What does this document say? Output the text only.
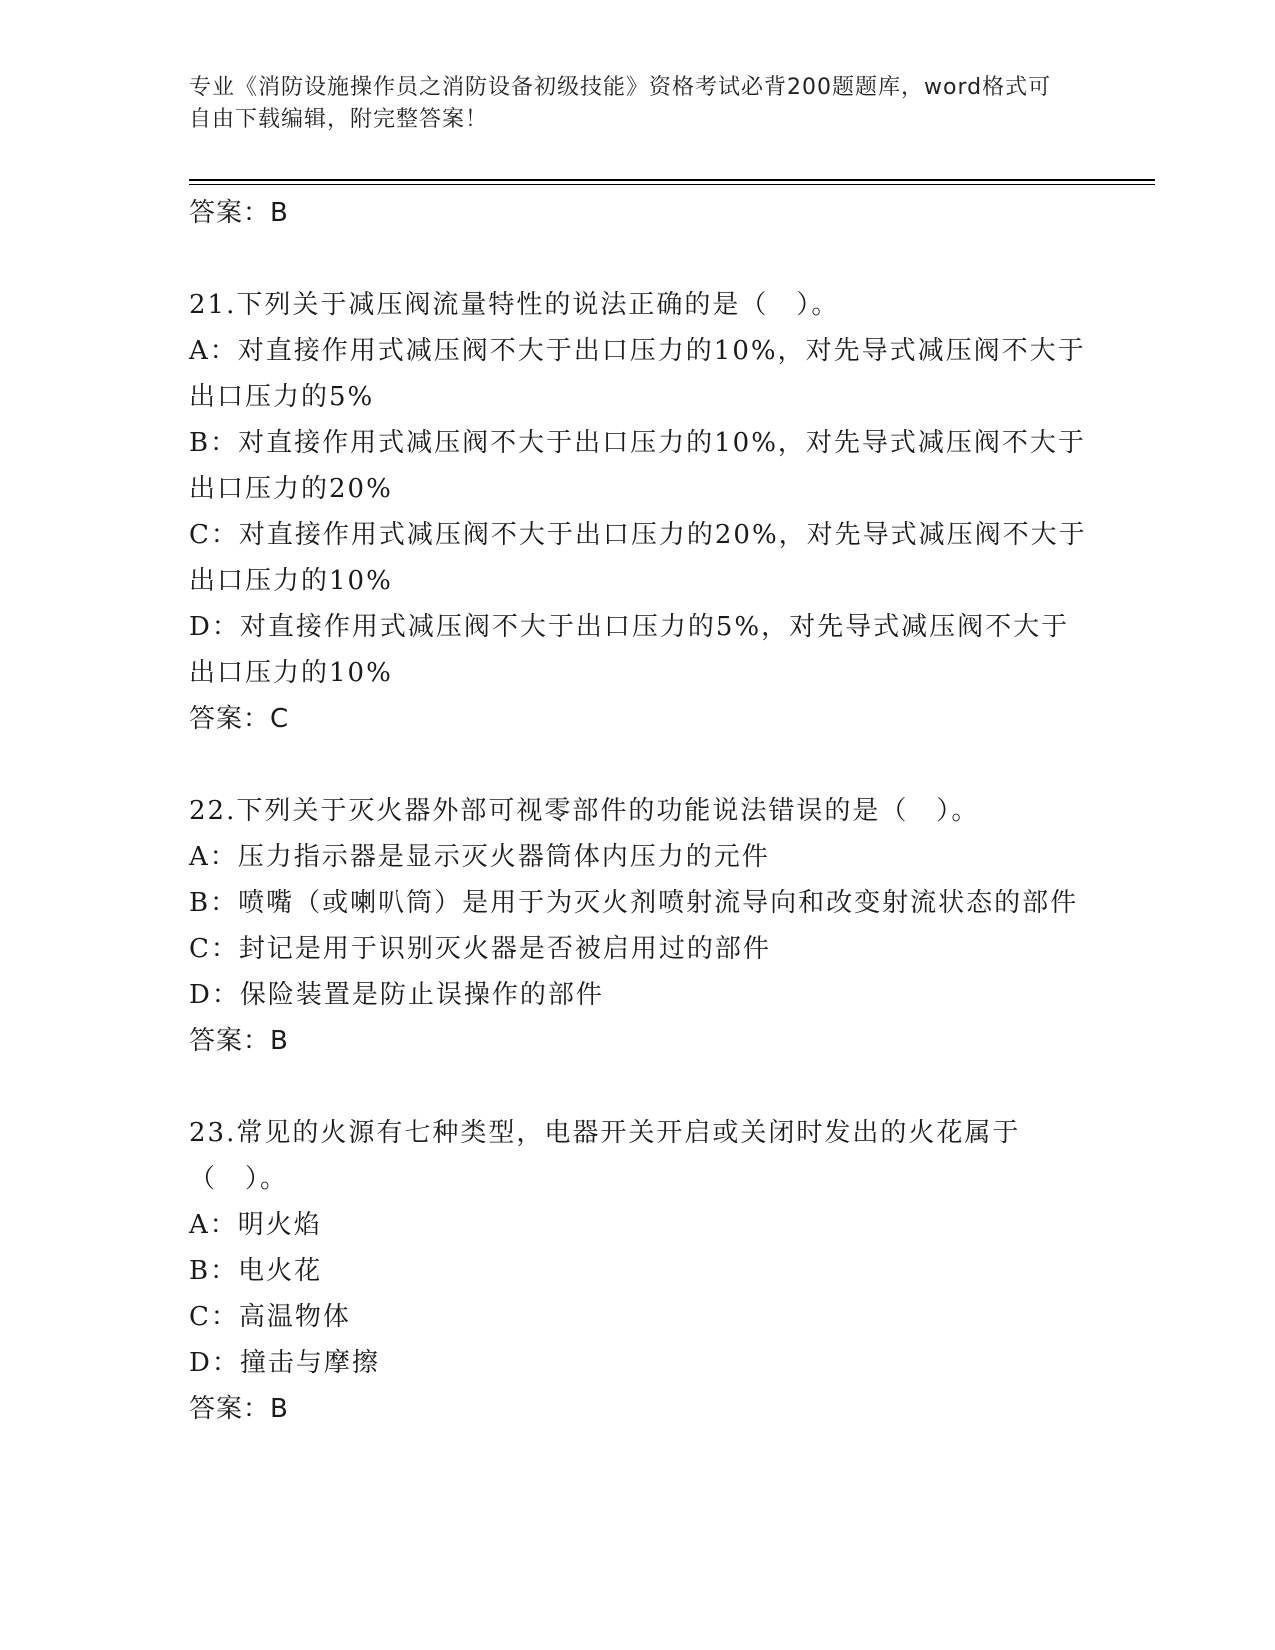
专业《消防设施操作员之消防设备初级技能》资格考试必背200题题库，word格式可自由下载编辑，附完整答案！
答案：B
21.下列关于减压阀流量特性的说法正确的是（　）。
A：对直接作用式减压阀不大于出口压力的10%，对先导式减压阀不大于出口压力的5%
B：对直接作用式减压阀不大于出口压力的10%，对先导式减压阀不大于出口压力的20%
C：对直接作用式减压阀不大于出口压力的20%，对先导式减压阀不大于出口压力的10%
D：对直接作用式减压阀不大于出口压力的5%，对先导式减压阀不大于出口压力的10%
答案：C
22.下列关于灭火器外部可视零部件的功能说法错误的是（　）。
A：压力指示器是显示灭火器筒体内压力的元件
B：喷嘴（或喇叭筒）是用于为灭火剂喷射流导向和改变射流状态的部件
C：封记是用于识别灭火器是否被启用过的部件
D：保险装置是防止误操作的部件
答案：B
23.常见的火源有七种类型，电器开关开启或关闭时发出的火花属于（　）。
A：明火焰
B：电火花
C：高温物体
D：撞击与摩擦
答案：B
